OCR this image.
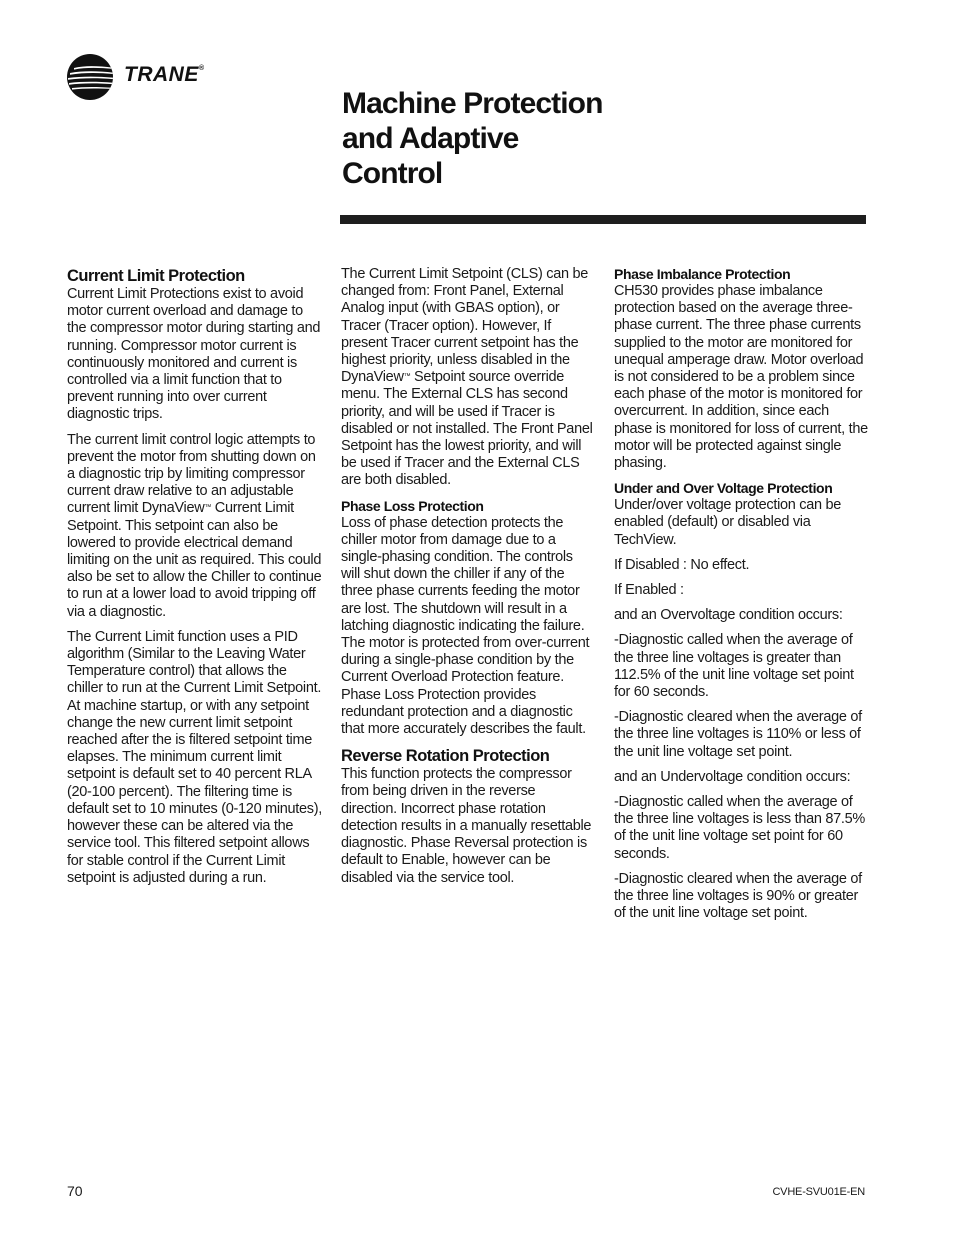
TRANE®
Machine Protection
and Adaptive
Control
Current Limit Protection

Current Limit Protections exist to avoid motor current overload and damage to the compressor motor during starting and running. Compressor motor current is continuously monitored and current is controlled via a limit function that to prevent running into over current diagnostic trips.

The current limit control logic attempts to prevent the motor from shutting down on a diagnostic trip by limiting compressor current draw relative to an adjustable current limit DynaView™ Current Limit Setpoint. This setpoint can also be lowered to provide electrical demand limiting on the unit as required. This could also be set to allow the Chiller to continue to run at a lower load to avoid tripping off via a diagnostic.

The Current Limit function uses a PID algorithm (Similar to the Leaving Water Temperature control) that allows the chiller to run at the Current Limit Setpoint. At machine startup, or with any setpoint change the new current limit setpoint reached after the is filtered setpoint time elapses. The minimum current limit setpoint is default set to 40 percent RLA (20-100 percent). The filtering time is default set to 10 minutes (0-120 minutes), however these can be altered via the service tool. This filtered setpoint allows for stable control if the Current Limit setpoint is adjusted during a run.

The Current Limit Setpoint (CLS) can be changed from: Front Panel, External Analog input (with GBAS option), or Tracer (Tracer option). However, If present Tracer current setpoint has the highest priority, unless disabled in the DynaView™ Setpoint source override menu. The External CLS has second priority, and will be used if Tracer is disabled or not installed. The Front Panel Setpoint has the lowest priority, and will be used if Tracer and the External CLS are both disabled.

Phase Loss Protection

Loss of phase detection protects the chiller motor from damage due to a single-phasing condition. The controls will shut down the chiller if any of the three phase currents feeding the motor are lost. The shutdown will result in a latching diagnostic indicating the failure. The motor is protected from over-current during a single-phase condition by the Current Overload Protection feature. Phase Loss Protection provides redundant protection and a diagnostic that more accurately describes the fault.

Reverse Rotation Protection

This function protects the compressor from being driven in the reverse direction. Incorrect phase rotation detection results in a manually resettable diagnostic. Phase Reversal protection is default to Enable, however can be disabled via the service tool.

Phase Imbalance Protection

CH530 provides phase imbalance protection based on the average three-phase current. The three phase currents supplied to the motor are monitored for unequal amperage draw. Motor overload is not considered to be a problem since each phase of the motor is monitored for overcurrent. In addition, since each phase is monitored for loss of current, the motor will be protected against single phasing.

Under and Over Voltage Protection

Under/over voltage protection can be enabled (default) or disabled via TechView.

If Disabled : No effect.

If Enabled :

and an Overvoltage condition occurs:

-Diagnostic called when the average of the three line voltages is greater than 112.5% of the unit line voltage set point for 60 seconds.

-Diagnostic cleared when the average of the three line voltages is 110% or less of the unit line voltage set point.

and an Undervoltage condition occurs:

-Diagnostic called when the average of the three line voltages is less than 87.5% of the unit line voltage set point for 60 seconds.

-Diagnostic cleared when the average of the three line voltages is 90% or greater of the unit line voltage set point.

70	CVHE-SVU01E-EN
